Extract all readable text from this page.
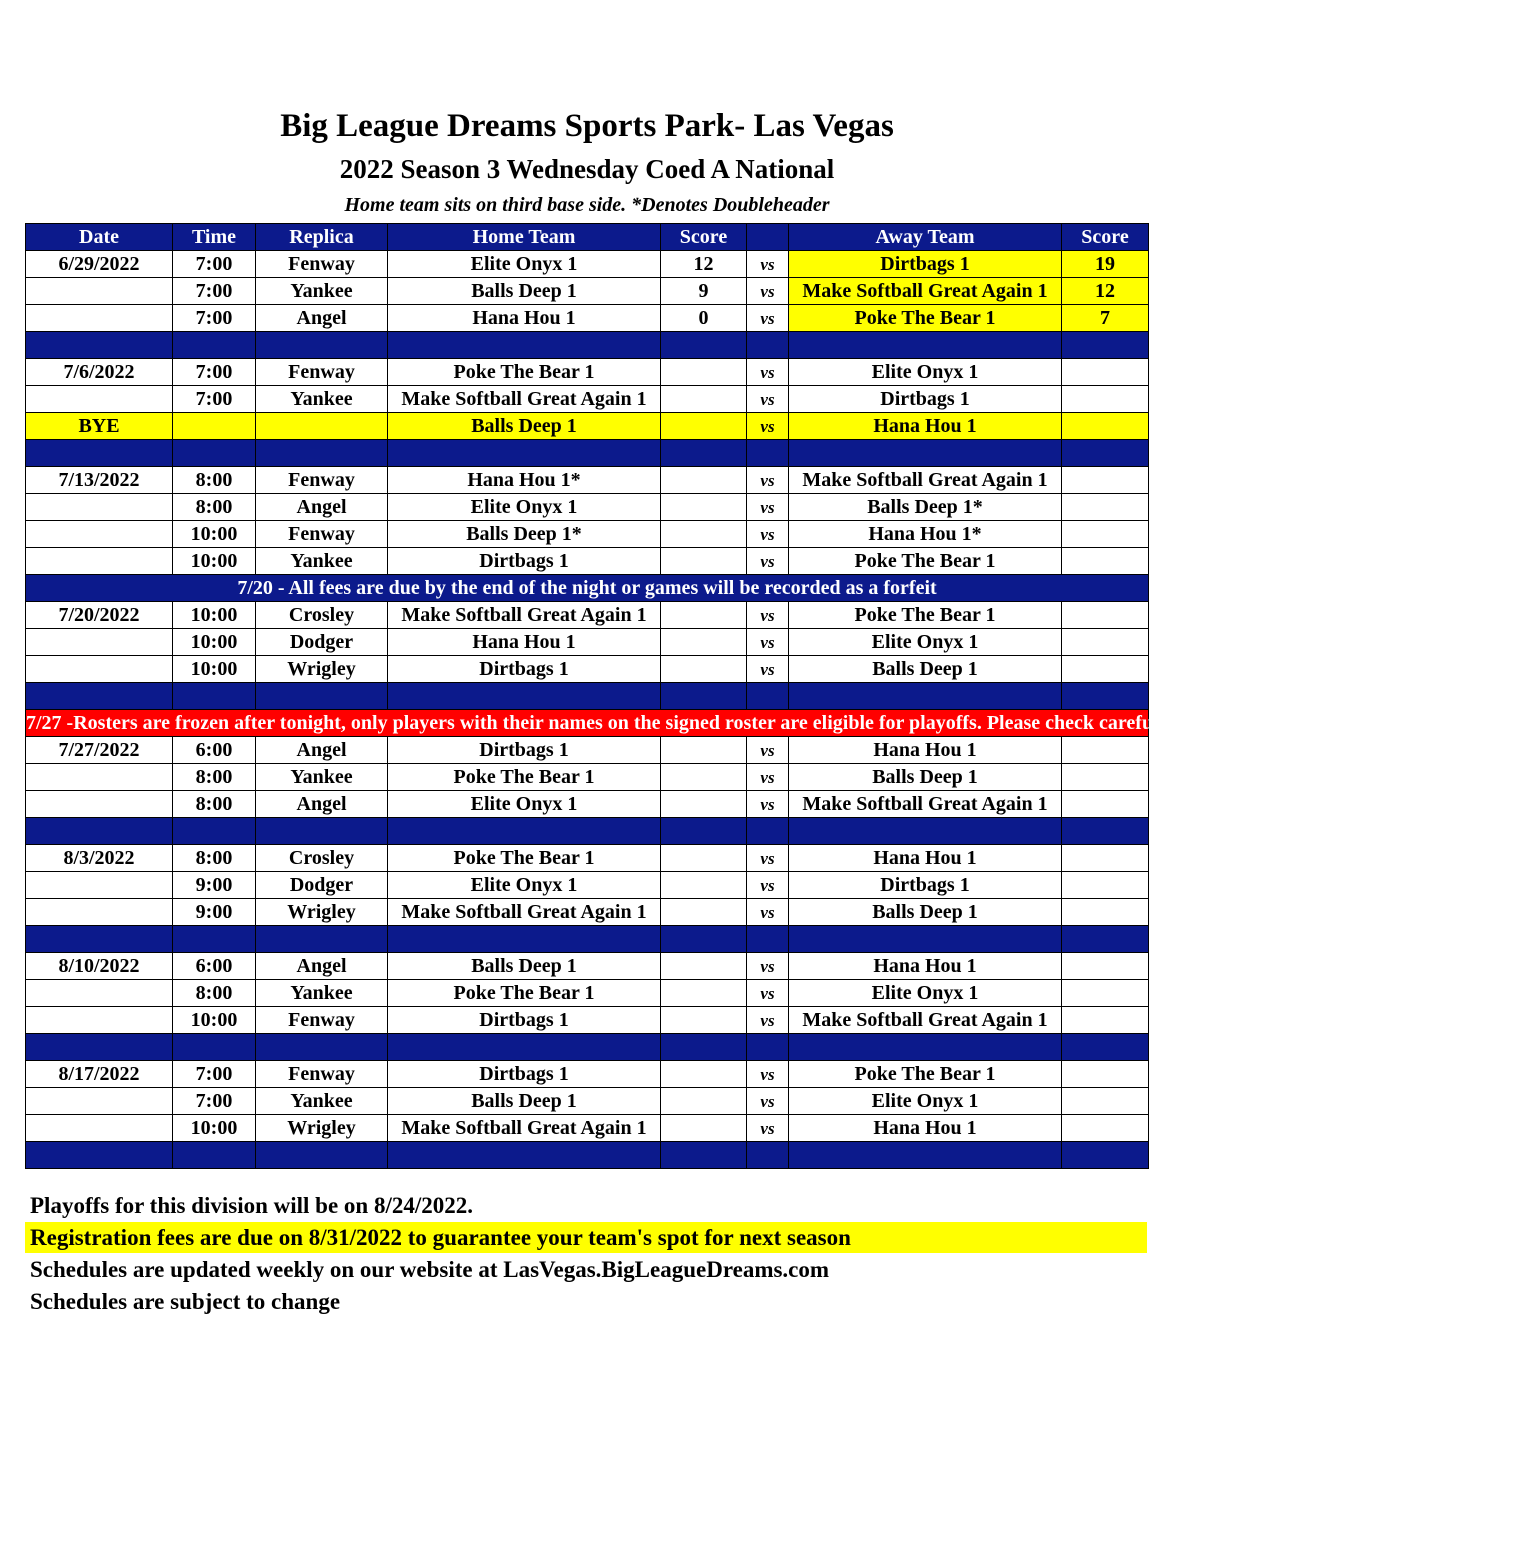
Big League Dreams Sports Park- Las Vegas
2022 Season 3 Wednesday Coed A National
Home team sits on third base side. *Denotes Doubleheader
Date	Time	Replica	Home Team	Score		Away Team	Score
6/29/2022	7:00	Fenway	Elite Onyx 1	12	vs	Dirtbags 1	19
	7:00	Yankee	Balls Deep 1	9	vs	Make Softball Great Again 1	12
	7:00	Angel	Hana Hou 1	0	vs	Poke The Bear 1	7

7/6/2022	7:00	Fenway	Poke The Bear 1		vs	Elite Onyx 1	
	7:00	Yankee	Make Softball Great Again 1		vs	Dirtbags 1	
BYE			Balls Deep 1		vs	Hana Hou 1	

7/13/2022	8:00	Fenway	Hana Hou 1*		vs	Make Softball Great Again 1	
	8:00	Angel	Elite Onyx 1		vs	Balls Deep 1*	
	10:00	Fenway	Balls Deep 1*		vs	Hana Hou 1*	
	10:00	Yankee	Dirtbags 1		vs	Poke The Bear 1	
7/20 - All fees are due by the end of the night or games will be recorded as a forfeit							
7/20/2022	10:00	Crosley	Make Softball Great Again 1		vs	Poke The Bear 1	
	10:00	Dodger	Hana Hou 1		vs	Elite Onyx 1	
	10:00	Wrigley	Dirtbags 1		vs	Balls Deep 1	

7/27 -Rosters are frozen after tonight, only players with their names on the signed roster are eligible for playoffs. Please check carefully as changes will not be made for omissions.							
7/27/2022	6:00	Angel	Dirtbags 1		vs	Hana Hou 1	
	8:00	Yankee	Poke The Bear 1		vs	Balls Deep 1	
	8:00	Angel	Elite Onyx 1		vs	Make Softball Great Again 1	

8/3/2022	8:00	Crosley	Poke The Bear 1		vs	Hana Hou 1	
	9:00	Dodger	Elite Onyx 1		vs	Dirtbags 1	
	9:00	Wrigley	Make Softball Great Again 1		vs	Balls Deep 1	

8/10/2022	6:00	Angel	Balls Deep 1		vs	Hana Hou 1	
	8:00	Yankee	Poke The Bear 1		vs	Elite Onyx 1	
	10:00	Fenway	Dirtbags 1		vs	Make Softball Great Again 1	

8/17/2022	7:00	Fenway	Dirtbags 1		vs	Poke The Bear 1	
	7:00	Yankee	Balls Deep 1		vs	Elite Onyx 1	
	10:00	Wrigley	Make Softball Great Again 1		vs	Hana Hou 1	

Playoffs for this division will be on 8/24/2022.
Registration fees are due on 8/31/2022 to guarantee your team's spot for next season
Schedules are updated weekly on our website at LasVegas.BigLeagueDreams.com
Schedules are subject to change
